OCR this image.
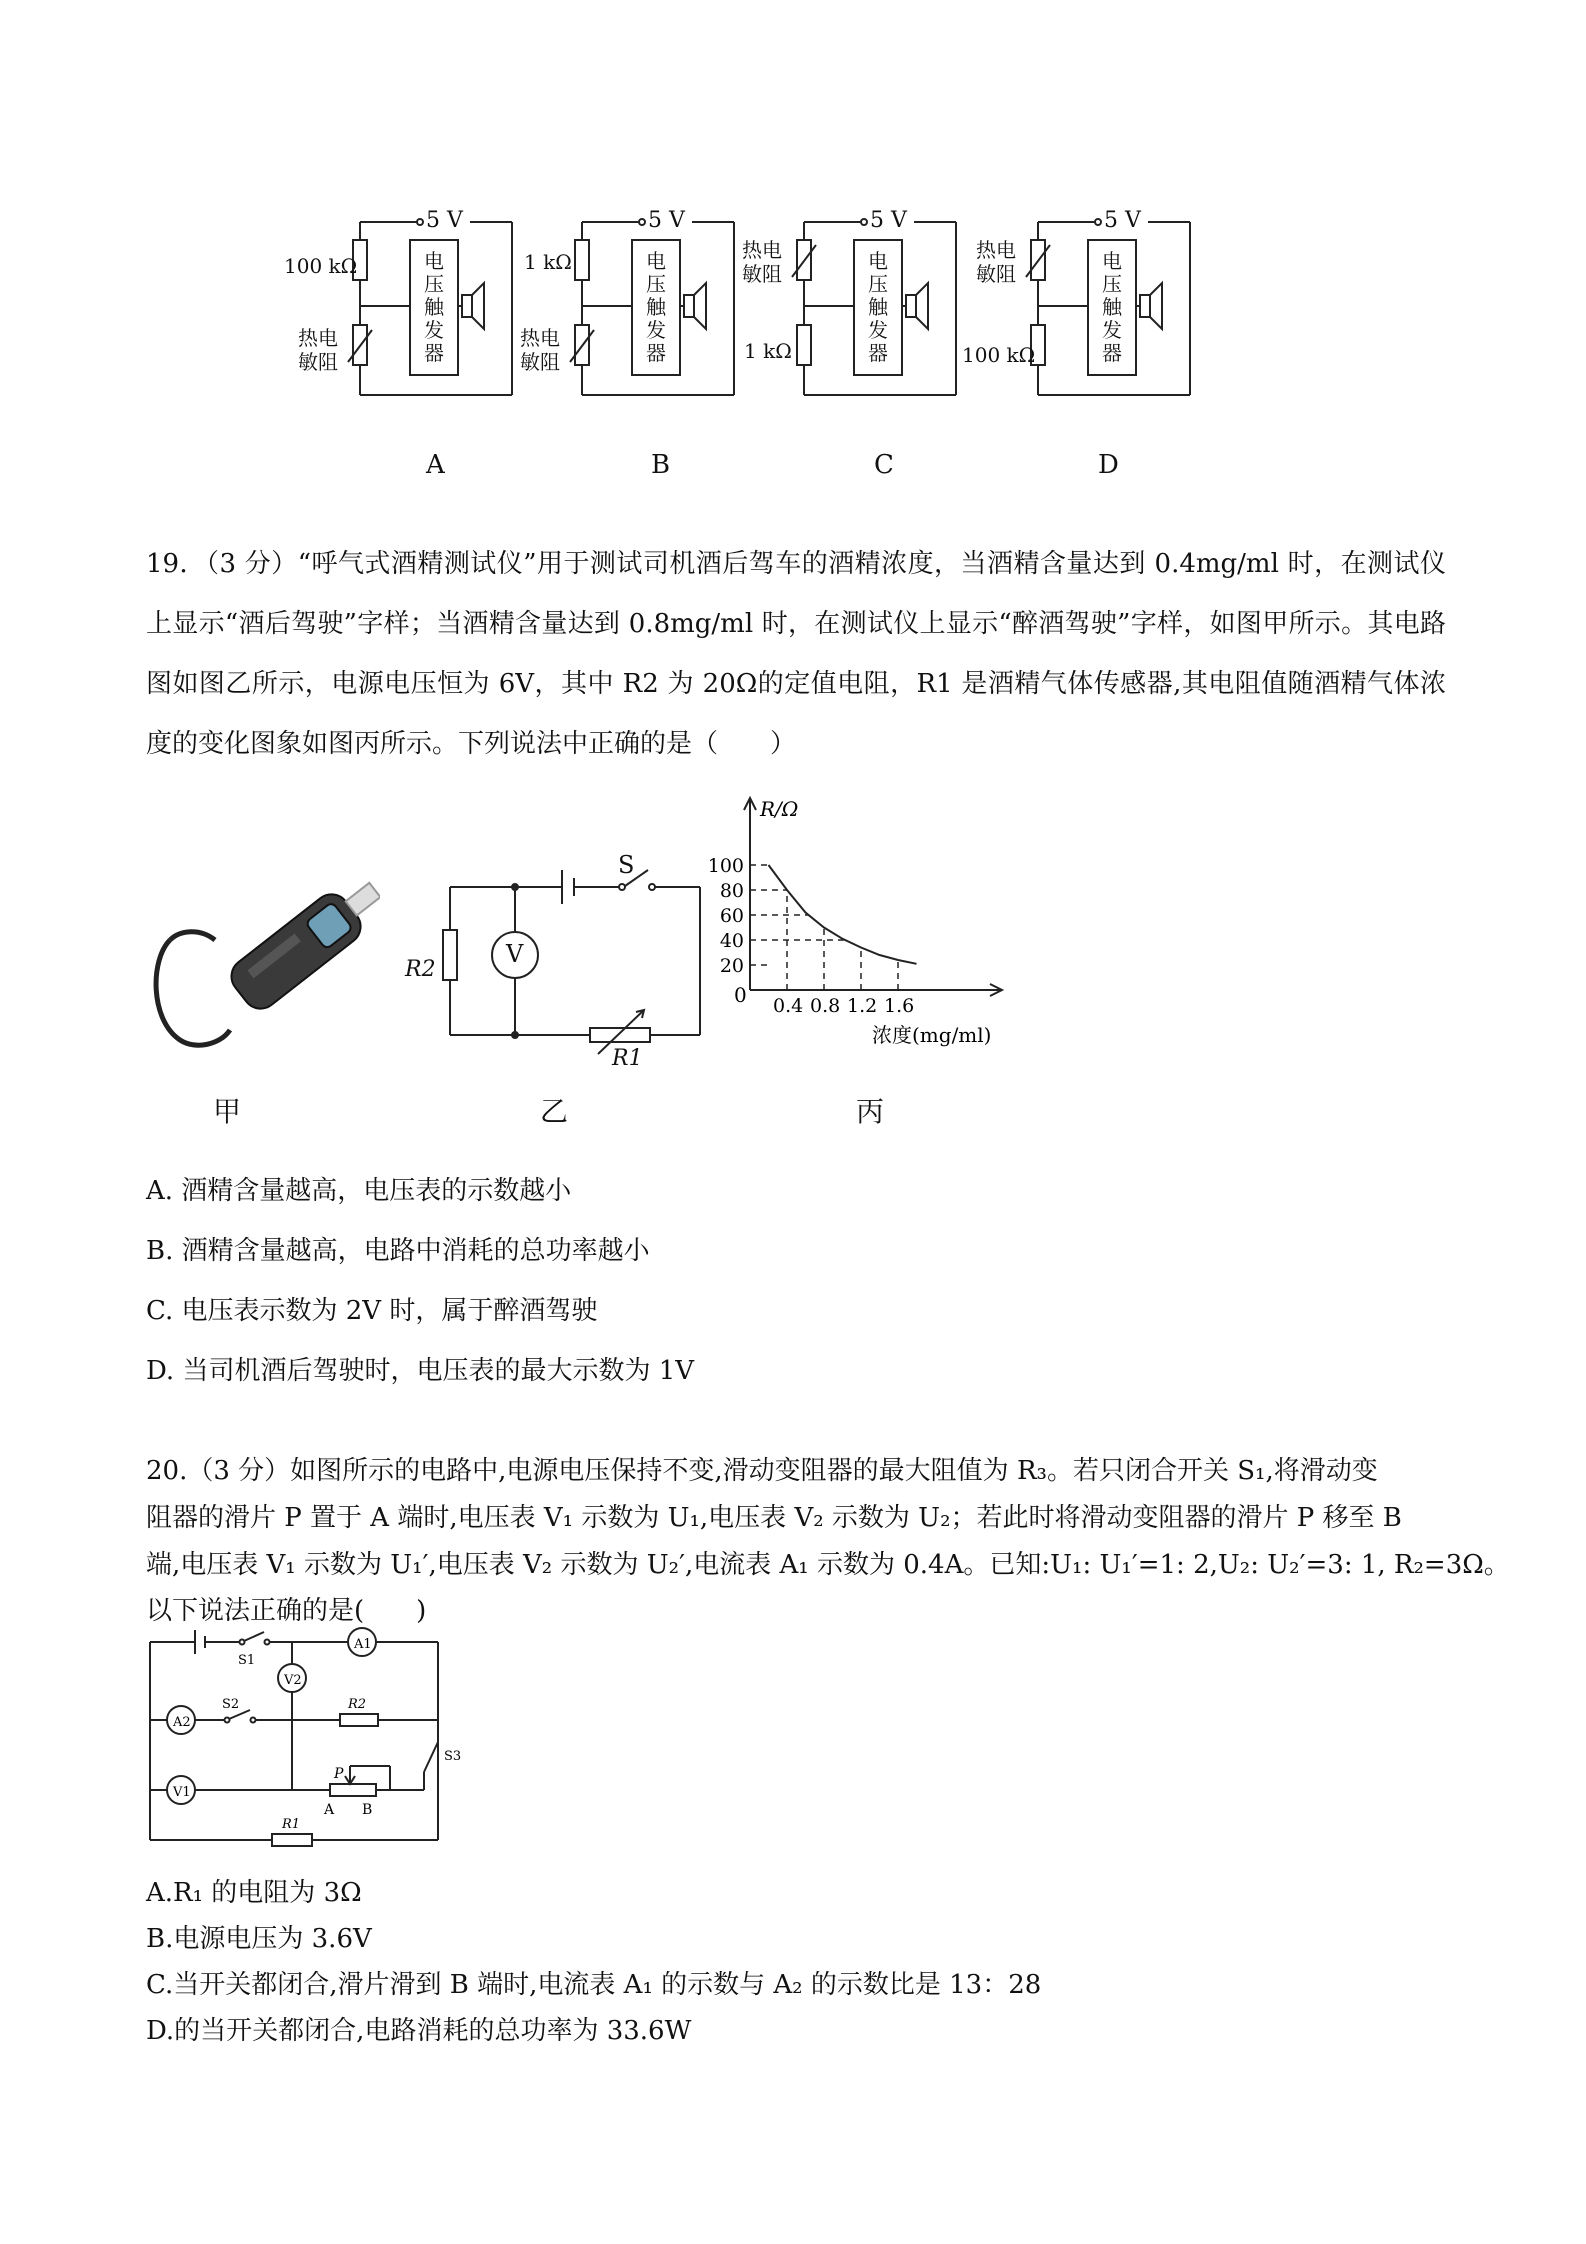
5 V	5 V	5 V	5 V
电
压
触
发
器
电
压
触
发
器
电
压
触
发
器
电
压
触
发
器
100 kΩ	1 kΩ
1 kΩ	100 kΩ
热电
敏阻
热电
敏阻
热电
敏阻
热电
敏阻
A	B	C	D
19．（3 分）“呼气式酒精测试仪”用于测试司机酒后驾车的酒精浓度，当酒精含量达到 0.4mg/ml 时，在测试仪上显示“酒后驾驶”字样；当酒精含量达到 0.8mg/ml 时，在测试仪上显示“醉酒驾驶”字样，如图甲所示。其电路图如图乙所示，电源电压恒为 6V，其中 R2 为 20Ω的定值电阻，R1 是酒精气体传感器,其电阻值随酒精气体浓度的变化图象如图丙所示。下列说法中正确的是（　　）
甲
V
S
R2
R1
乙
0.4 0.8 1.2 1.6
20
40
60
80
100
R/Ω
浓度(mg/ml)
0
丙
A. 酒精含量越高，电压表的示数越小
B. 酒精含量越高，电路中消耗的总功率越小
C. 电压表示数为 2V 时，属于醉酒驾驶
D. 当司机酒后驾驶时，电压表的最大示数为 1V
20.（3 分）如图所示的电路中,电源电压保持不变,滑动变阻器的最大阻值为 R₃。若只闭合开关 S₁,将滑动变
阻器的滑片 P 置于 A 端时,电压表 V₁ 示数为 U₁,电压表 V₂ 示数为 U₂；若此时将滑动变阻器的滑片 P 移至 B
端,电压表 V₁ 示数为 U₁′,电压表 V₂ 示数为 U₂′,电流表 A₁ 示数为 0.4A。已知:U₁: U₁′=1: 2,U₂: U₂′=3: 1, R₂=3Ω。
以下说法正确的是(　　)
A1
A2
V1
V2
S1
S2
S3
R2
R1
P
A B
A.R₁ 的电阻为 3Ω
B.电源电压为 3.6V
C.当开关都闭合,滑片滑到 B 端时,电流表 A₁ 的示数与 A₂ 的示数比是 13：28
D.的当开关都闭合,电路消耗的总功率为 33.6W
